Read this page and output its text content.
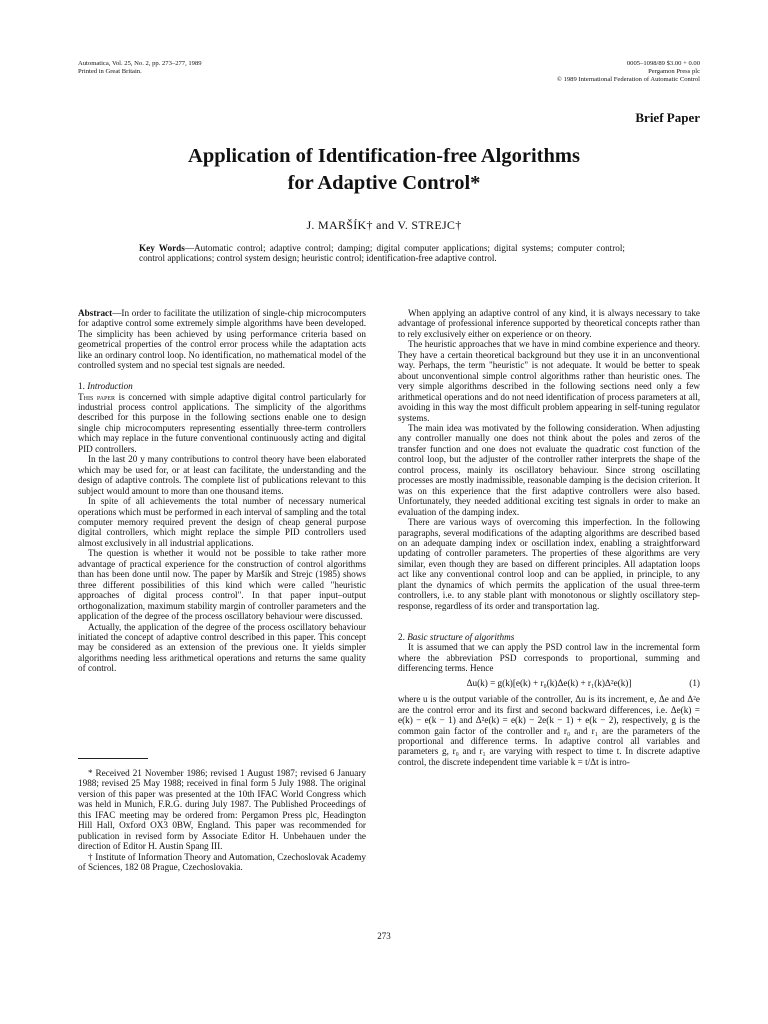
Automatica, Vol. 25, No. 2, pp. 273–277, 1989
Printed in Great Britain.
0005–1098/89 $3.00 + 0.00
Pergamon Press plc
© 1989 International Federation of Automatic Control
Brief Paper
Application of Identification-free Algorithms
for Adaptive Control*
J. MARŠÍK† and V. STREJC†
Key Words—Automatic control; adaptive control; damping; digital computer applications; digital systems; computer control; control applications; control system design; heuristic control; identification-free adaptive control.

Abstract—In order to facilitate the utilization of single-chip microcomputers for adaptive control some extremely simple algorithms have been developed. The simplicity has been achieved by using performance criteria based on geometrical properties of the control error process while the adaptation acts like an ordinary control loop. No identification, no mathematical model of the controlled system and no special test signals are needed.

1. Introduction

This paper is concerned with simple adaptive digital control particularly for industrial process control applications. The simplicity of the algorithms described for this purpose in the following sections enable one to design single chip microcomputers representing essentially three-term controllers which may replace in the future conventional continuously acting and digital PID controllers.

In the last 20 y many contributions to control theory have been elaborated which may be used for, or at least can facilitate, the understanding and the design of adaptive controls. The complete list of publications relevant to this subject would amount to more than one thousand items.

In spite of all achievements the total number of necessary numerical operations which must be performed in each interval of sampling and the total computer memory required prevent the design of cheap general purpose digital controllers, which might replace the simple PID controllers used almost exclusively in all industrial applications.

The question is whether it would not be possible to take rather more advantage of practical experience for the construction of control algorithms than has been done until now. The paper by Maršík and Strejc (1985) shows three different possibilities of this kind which were called "heuristic approaches of digital process control". In that paper input–output orthogonalization, maximum stability margin of controller parameters and the application of the degree of the process oscillatory behaviour were discussed.

Actually, the application of the degree of the process oscillatory behaviour initiated the concept of adaptive control described in this paper. This concept may be considered as an extension of the previous one. It yields simpler algorithms needing less arithmetical operations and returns the same quality of control.

When applying an adaptive control of any kind, it is always necessary to take advantage of professional inference supported by theoretical concepts rather than to rely exclusively either on experience or on theory.

The heuristic approaches that we have in mind combine experience and theory. They have a certain theoretical background but they use it in an unconventional way. Perhaps, the term "heuristic" is not adequate. It would be better to speak about unconventional simple control algorithms rather than heuristic ones. The very simple algorithms described in the following sections need only a few arithmetical operations and do not need identification of process parameters at all, avoiding in this way the most difficult problem appearing in self-tuning regulator systems.

The main idea was motivated by the following consideration. When adjusting any controller manually one does not think about the poles and zeros of the transfer function and one does not evaluate the quadratic cost function of the control loop, but the adjuster of the controller rather interprets the shape of the control process, mainly its oscillatory behaviour. Since strong oscillating processes are mostly inadmissible, reasonable damping is the decision criterion. It was on this experience that the first adaptive controllers were also based. Unfortunately, they needed additional exciting test signals in order to make an evaluation of the damping index.

There are various ways of overcoming this imperfection. In the following paragraphs, several modifications of the adapting algorithms are described based on an adequate damping index or oscillation index, enabling a straightforward updating of controller parameters. The properties of these algorithms are very similar, even though they are based on different principles. All adaptation loops act like any conventional control loop and can be applied, in principle, to any plant the dynamics of which permits the application of the usual three-term controllers, i.e. to any stable plant with monotonous or slightly oscillatory step-response, regardless of its order and transportation lag.

2. Basic structure of algorithms

It is assumed that we can apply the PSD control law in the incremental form where the abbreviation PSD corresponds to proportional, summing and differencing terms. Hence

Δu(k) = g(k)[e(k) + r₀(k)Δe(k) + r₁(k)Δ²e(k)]	(1)

where u is the output variable of the controller, Δu is its increment, e, Δe and Δ²e are the control error and its first and second backward differences, i.e. Δe(k) = e(k) − e(k − 1) and Δ²e(k) = e(k) − 2e(k − 1) + e(k − 2), respectively, g is the common gain factor of the controller and r₀ and r₁ are the parameters of the proportional and difference terms. In adaptive control all variables and parameters g, r₀ and r₁ are varying with respect to time t. In discrete adaptive control, the discrete independent time variable k = t/Δt is intro-

* Received 21 November 1986; revised 1 August 1987; revised 6 January 1988; revised 25 May 1988; received in final form 5 July 1988. The original version of this paper was presented at the 10th IFAC World Congress which was held in Munich, F.R.G. during July 1987. The Published Proceedings of this IFAC meeting may be ordered from: Pergamon Press plc, Headington Hill Hall, Oxford OX3 0BW, England. This paper was recommended for publication in revised form by Associate Editor H. Unbehauen under the direction of Editor H. Austin Spang III.

† Institute of Information Theory and Automation, Czechoslovak Academy of Sciences, 182 08 Prague, Czechoslovakia.

273
